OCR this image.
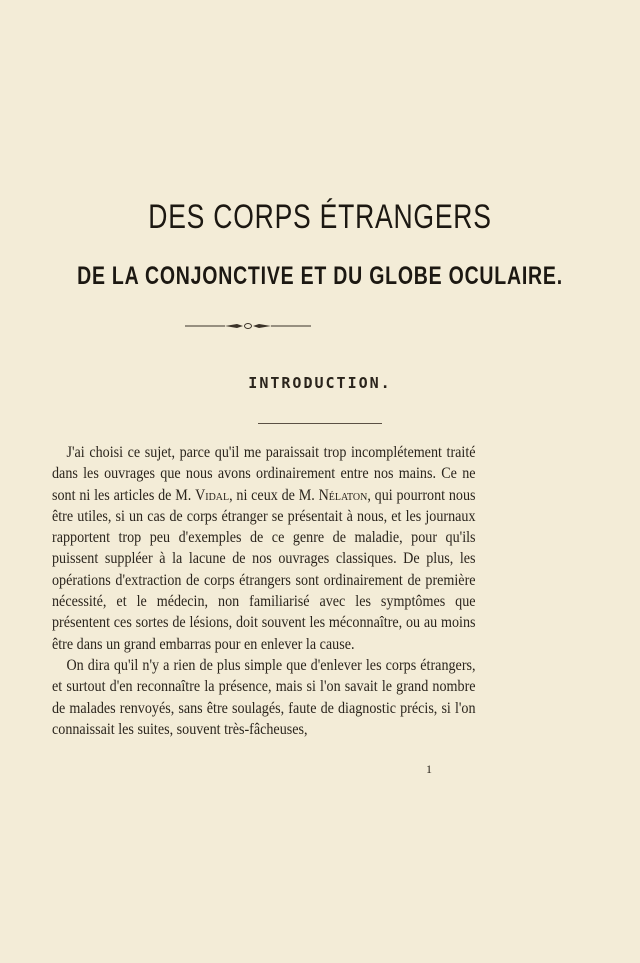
DES CORPS ÉTRANGERS
DE LA CONJONCTIVE ET DU GLOBE OCULAIRE.
INTRODUCTION.

J'ai choisi ce sujet, parce qu'il me paraissait trop incomplétement traité dans les ouvrages que nous avons ordinairement entre nos mains. Ce ne sont ni les articles de M. Vidal, ni ceux de M. Nélaton, qui pourront nous être utiles, si un cas de corps étranger se présentait à nous, et les journaux rapportent trop peu d'exemples de ce genre de maladie, pour qu'ils puissent suppléer à la lacune de nos ouvrages classiques. De plus, les opérations d'extraction de corps étrangers sont ordinairement de première nécessité, et le médecin, non familiarisé avec les symptômes que présentent ces sortes de lésions, doit souvent les méconnaître, ou au moins être dans un grand embarras pour en enlever la cause.

On dira qu'il n'y a rien de plus simple que d'enlever les corps étrangers, et surtout d'en reconnaître la présence, mais si l'on savait le grand nombre de malades renvoyés, sans être soulagés, faute de diagnostic précis, si l'on connaissait les suites, souvent très-fâcheuses,

1
